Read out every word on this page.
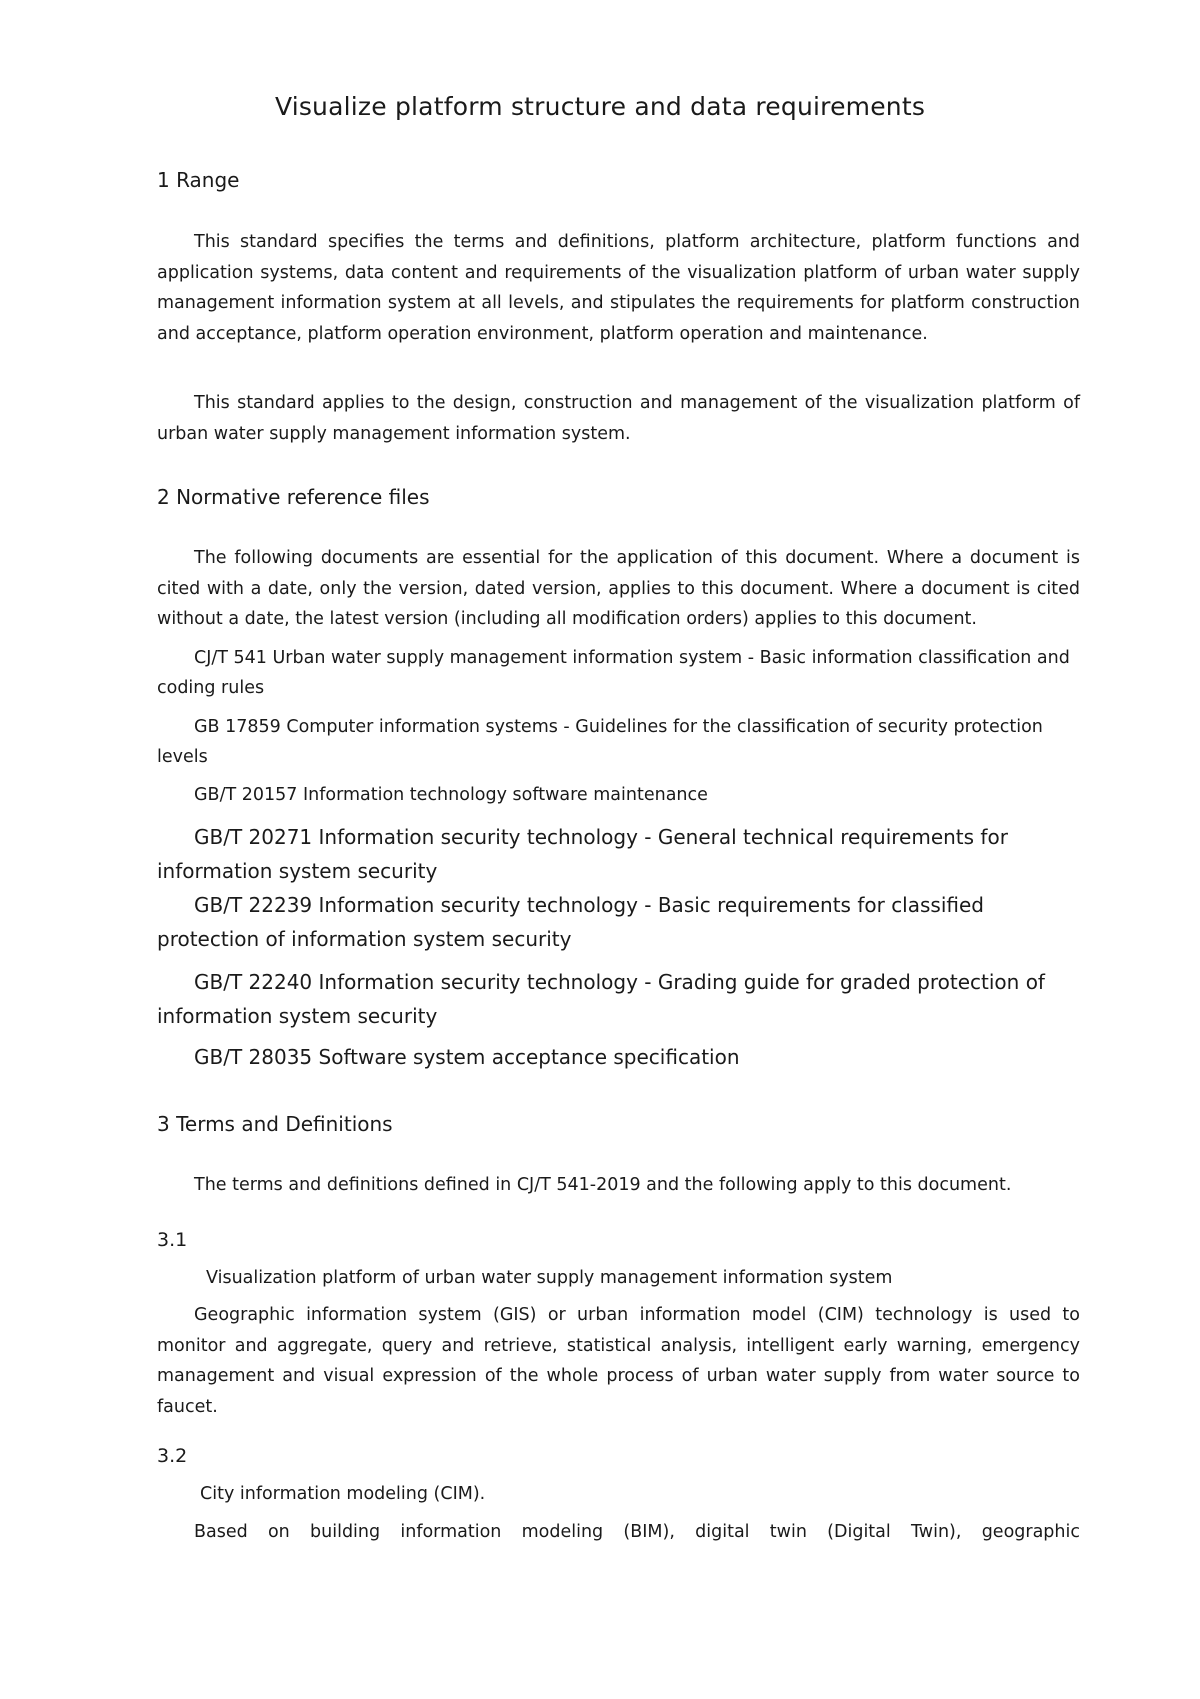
Visualize platform structure and data requirements
1 Range

This standard specifies the terms and definitions, platform architecture, platform functions and application systems, data content and requirements of the visualization platform of urban water supply management information system at all levels, and stipulates the requirements for platform construction and acceptance, platform operation environment, platform operation and maintenance.

This standard applies to the design, construction and management of the visualization platform of urban water supply management information system.

2 Normative reference files

The following documents are essential for the application of this document. Where a document is cited with a date, only the version, dated version, applies to this document. Where a document is cited without a date, the latest version (including all modification orders) applies to this document.

CJ/T 541 Urban water supply management information system - Basic information classification and coding rules

GB 17859 Computer information systems - Guidelines for the classification of security protection levels

GB/T 20157 Information technology software maintenance

GB/T 20271 Information security technology - General technical requirements for information system security

GB/T 22239 Information security technology - Basic requirements for classified protection of information system security

GB/T 22240 Information security technology - Grading guide for graded protection of information system security

GB/T 28035 Software system acceptance specification

3 Terms and Definitions

The terms and definitions defined in CJ/T 541-2019 and the following apply to this document.

3.1
Visualization platform of urban water supply management information system

Geographic information system (GIS) or urban information model (CIM) technology is used to monitor and aggregate, query and retrieve, statistical analysis, intelligent early warning, emergency management and visual expression of the whole process of urban water supply from water source to faucet.

3.2
City information modeling (CIM).

Based on building information modeling (BIM), digital twin (Digital Twin), geographic
